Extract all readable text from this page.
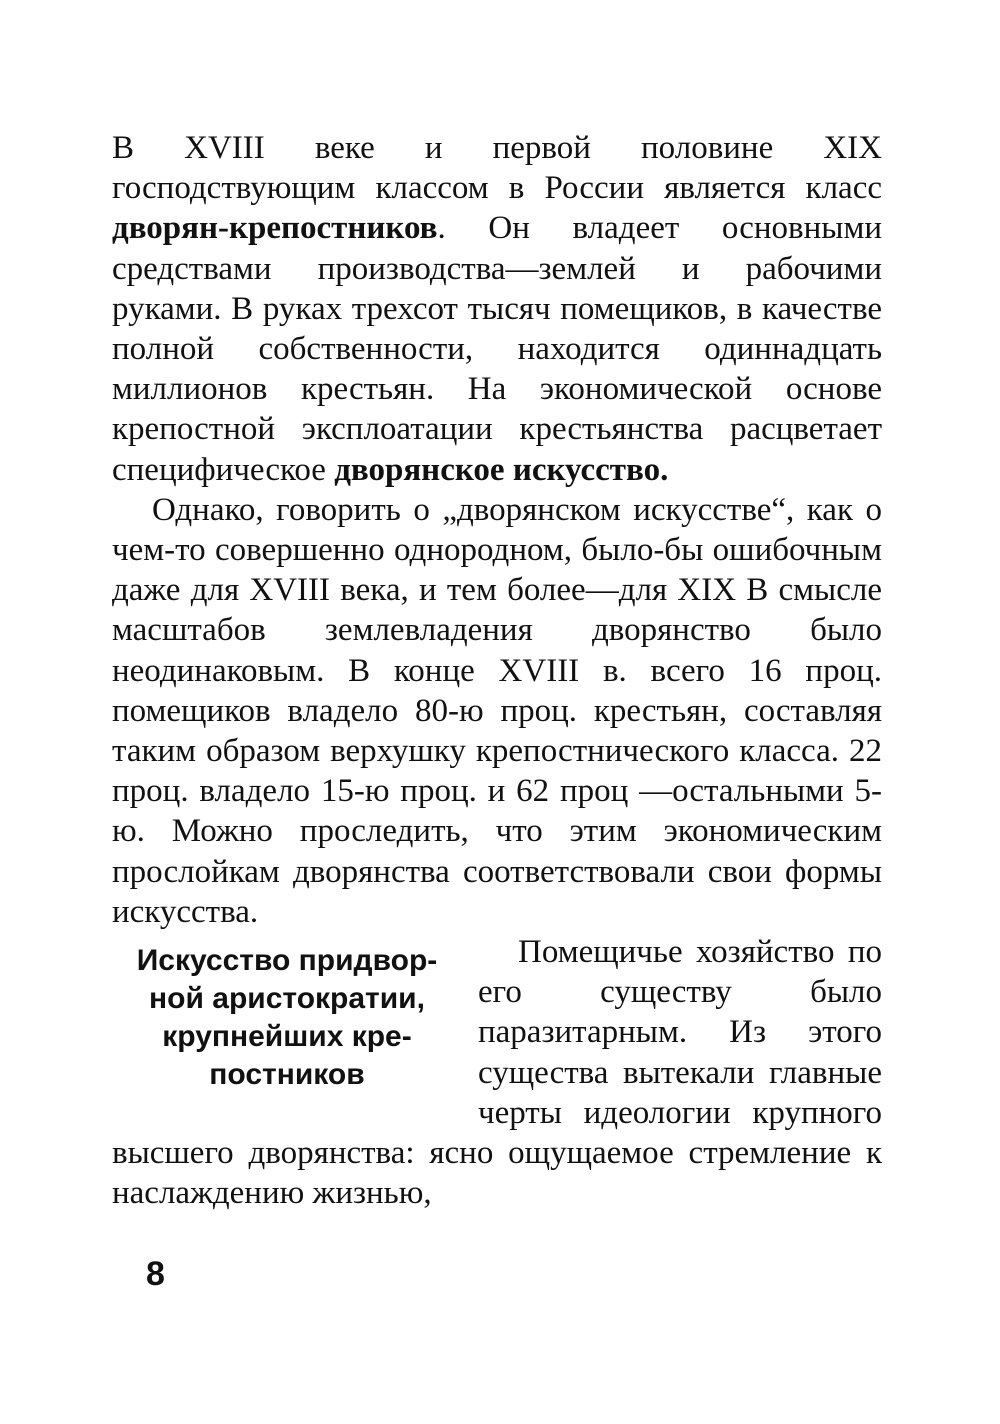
В XVIII веке и первой половине XIX господствующим классом в России является класс дворян-крепостников. Он владеет основными средствами производства—землей и рабочими руками. В руках трехсот тысяч помещиков, в качестве полной собственности, находится одиннадцать миллионов крестьян. На экономической основе крепостной эксплоатации крестьянства расцветает специфическое дворянское искусство.

Однако, говорить о „дворянском искусстве“, как о чем-то совершенно однородном, было-бы ошибочным даже для XVIII века, и тем более—для XIX В смысле масштабов землевладения дворянство было неодинаковым. В конце XVIII в. всего 16 проц. помещиков владело 80-ю проц. крестьян, составляя таким образом верхушку крепостнического класса. 22 проц. владело 15-ю проц. и 62 проц —остальными 5-ю. Можно проследить, что этим экономическим прослойкам дворянства соответствовали свои формы искусства.

Искусство придвор-
ной аристократии,
крупнейших кре-
постников

Помещичье хозяйство по его существу было паразитарным. Из этого существа вытекали главные черты идеологии крупного высшего дворянства: ясно ощущаемое стремление к наслаждению жизнью,

8
